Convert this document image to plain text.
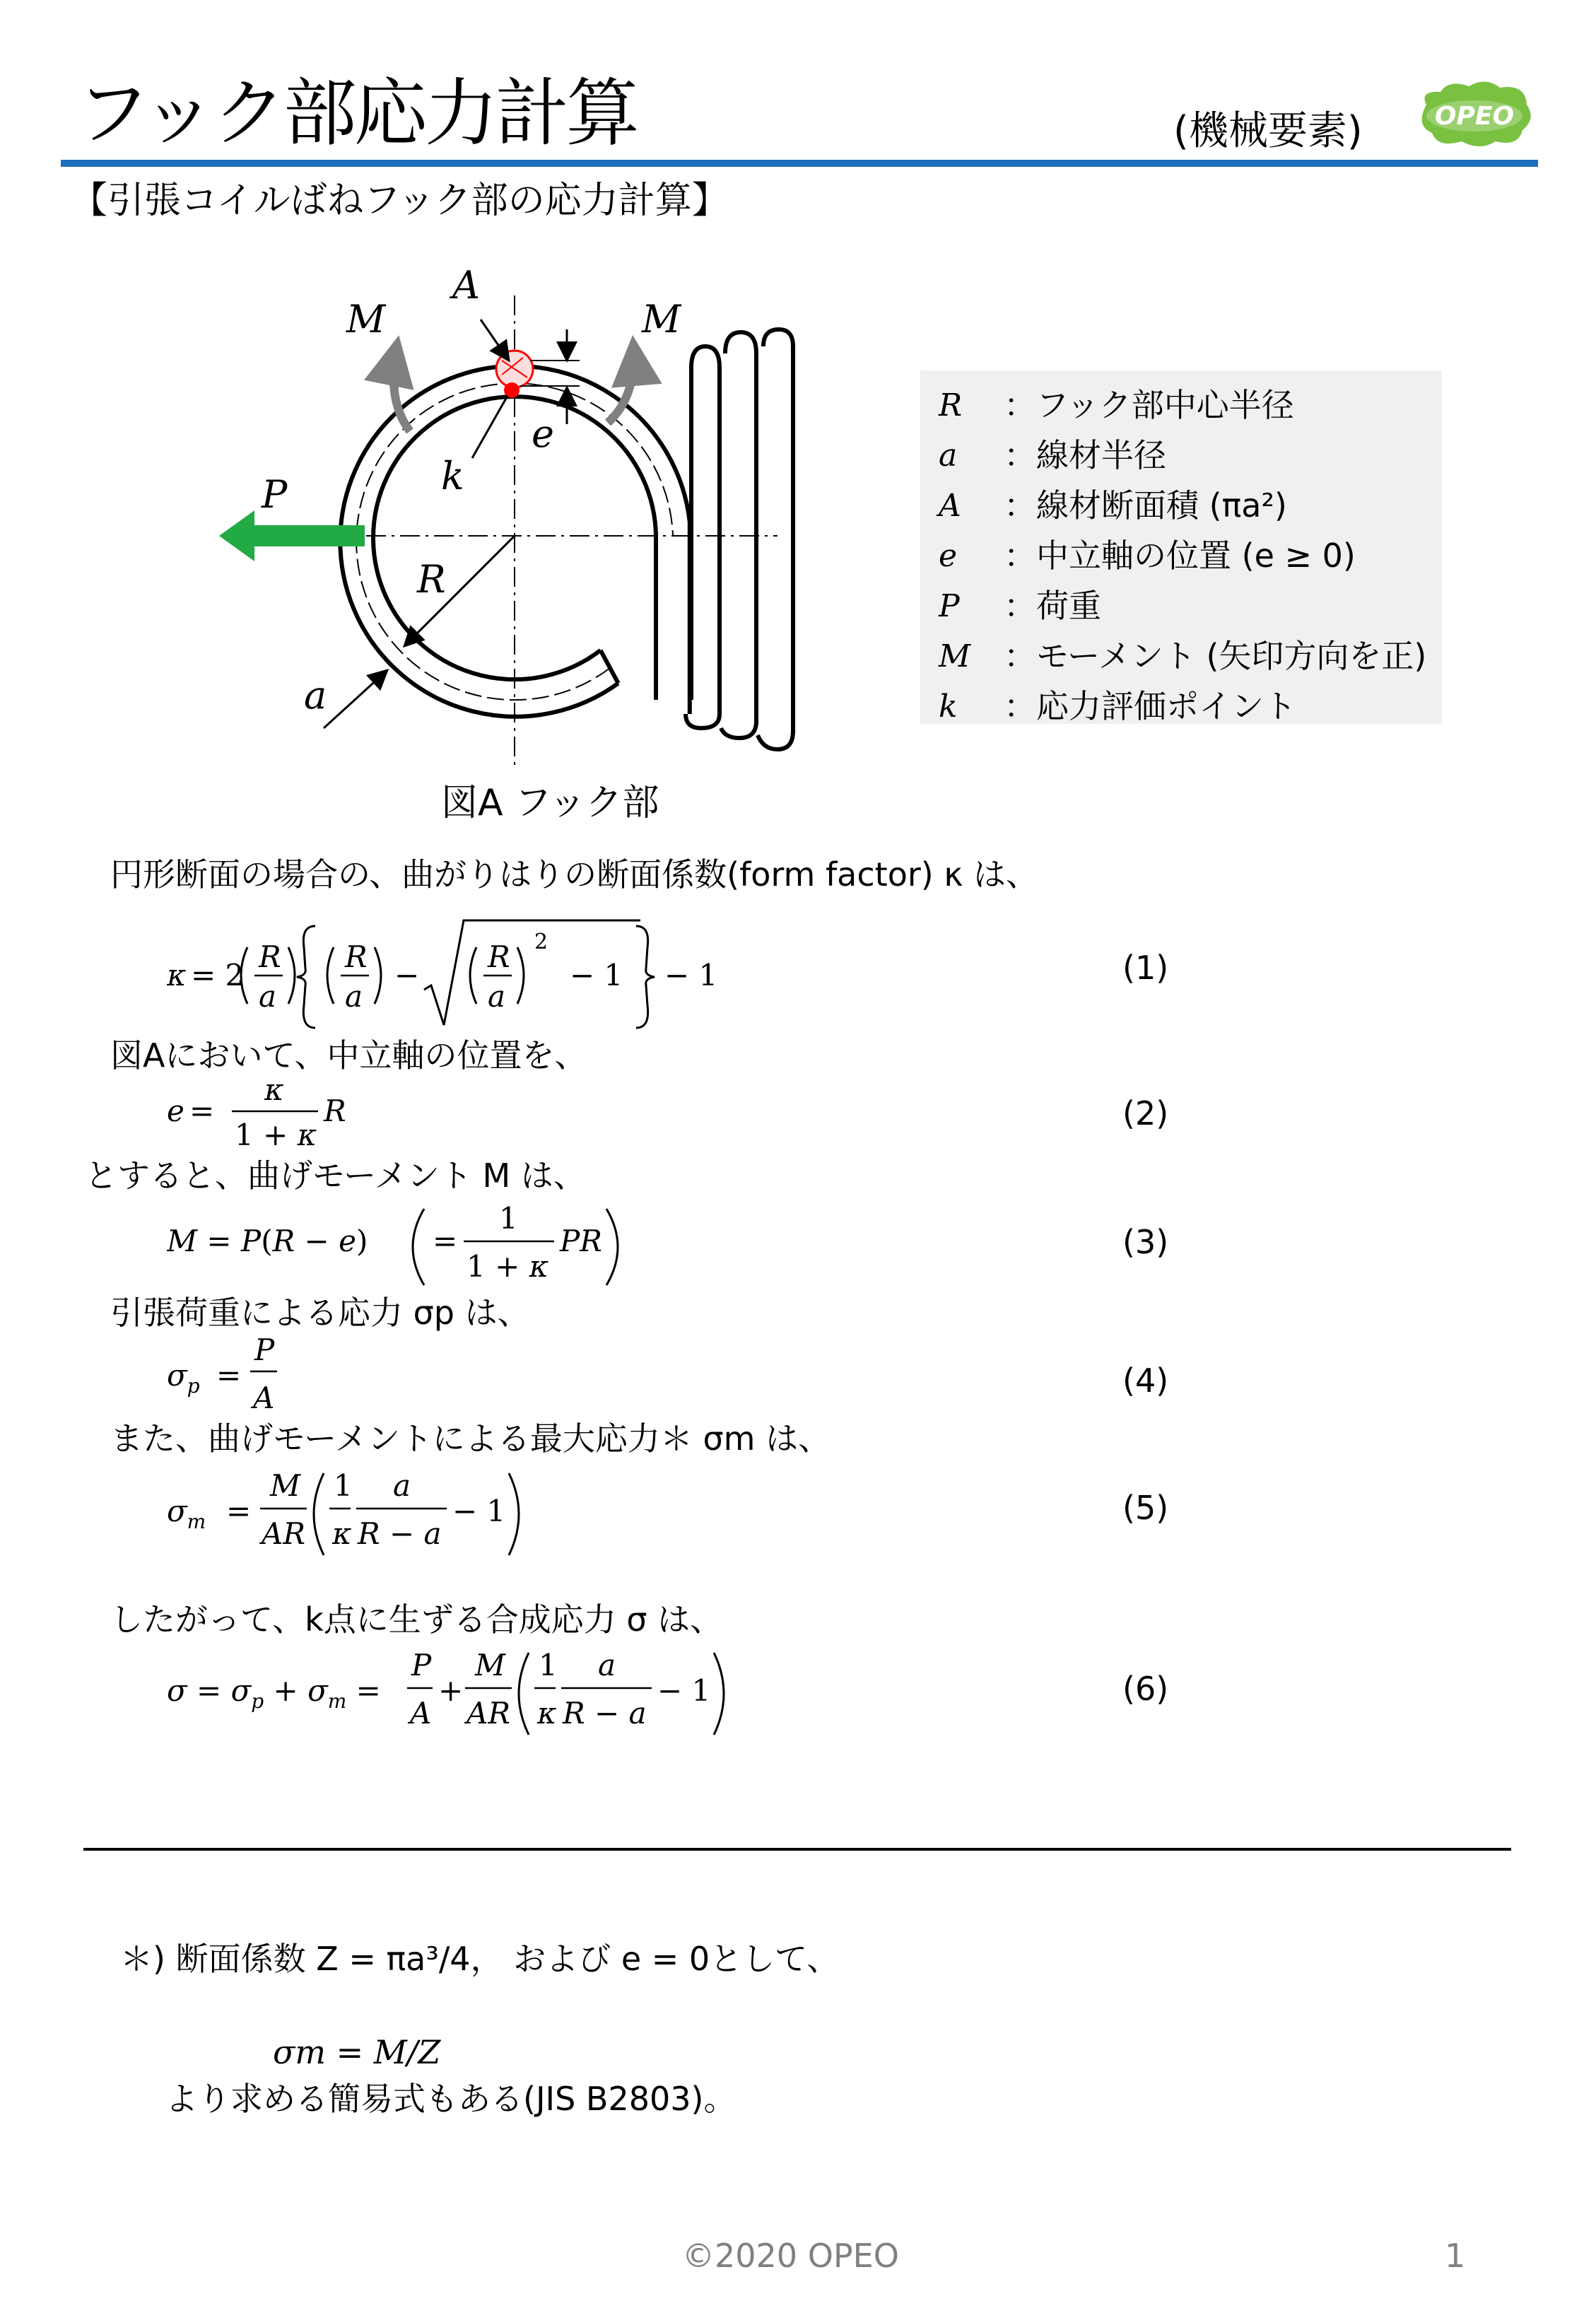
フック部応力計算	(機械要素)	OPEO
【引張コイルばねフック部の応力計算】
A
M	M
e
k
P
R
a
図A フック部
R ：フック部中心半径
a ：線材半径
A ：線材断面積 (πa²)
e ：中立軸の位置 (e ≥ 0)
P ：荷重
M ：モーメント (矢印方向を正)
k ：応力評価ポイント
円形断面の場合の、曲がりはりの断面係数(form factor) κ は、
κ = 2
R
a
R
a
−
R
a
2
− 1 − 1	(1)
図Aにおいて、中立軸の位置を、
e =
κ
1 + κ
R	(2)
とすると、曲げモーメント M は、
M = P(R − e) =
1
1 + κ
PR	(3)
引張荷重による応力 σp は、
$\sigma_p$ =
P
A	(4)
また、曲げモーメントによる最大応力＊ σm は、
$\sigma_m$ =
M
AR
1
κ
a
R − a
− 1	(5)
したがって、k点に生ずる合成応力 σ は、
$\sigma = \sigma_p + \sigma_m$ =
P
A
+
M
AR
1
κ
a
R − a
− 1	(6)
＊) 断面係数 Z = πa³/4， および e = 0として、
σm = M/Z
より求める簡易式もある(JIS B2803)。
©2020 OPEO	1
